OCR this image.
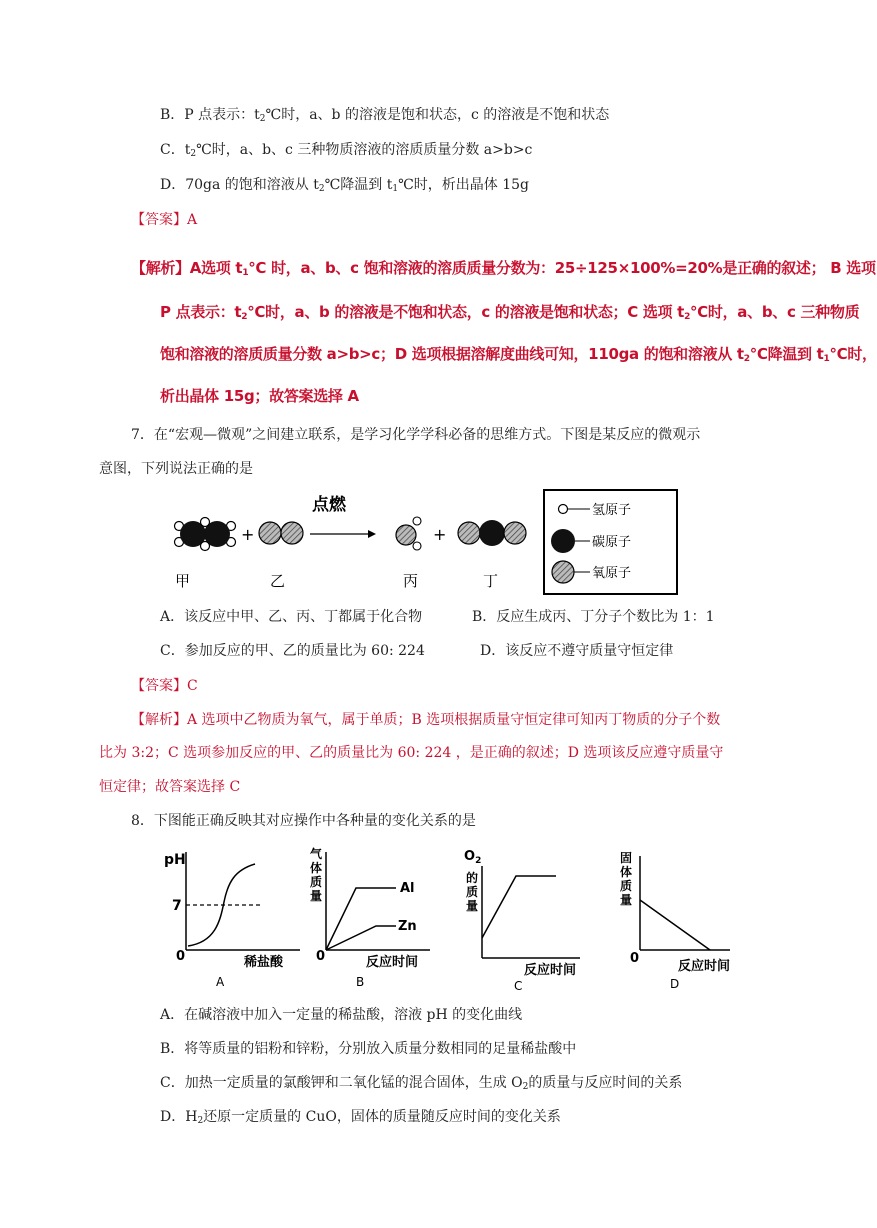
B．P 点表示：$t_2℃$时，a、b 的溶液是饱和状态，c 的溶液是不饱和状态
C．$t_2℃$时，a、b、c 三种物质溶液的溶质质量分数 a>b>c
D．70ga 的饱和溶液从 $t_2℃$降温到 $t_1℃$时，析出晶体 15g
【答案】A
【解析】A选项 $t_1℃$ 时，a、b、c 饱和溶液的溶质质量分数为：25÷125×100%=20%是正确的叙述； B 选项
P 点表示：$t_2℃$时，a、b 的溶液是不饱和状态，c 的溶液是饱和状态；C 选项 $t_2℃$时，a、b、c 三种物质
饱和溶液的溶质质量分数 a>b>c；D 选项根据溶解度曲线可知，110ga 的饱和溶液从 $t_2℃$降温到 $t_1℃$时，
析出晶体 15g；故答案选择 A
7．在“宏观—微观”之间建立联系，是学习化学学科必备的思维方式。下图是某反应的微观示
意图，下列说法正确的是
+
点燃
+
甲	乙	丙	丁
氢原子
碳原子
氧原子
A．该反应中甲、乙、丙、丁都属于化合物	B．反应生成丙、丁分子个数比为 1：1
C．参加反应的甲、乙的质量比为 60: 224	D．该反应不遵守质量守恒定律
【答案】C
【解析】A 选项中乙物质为氧气，属于单质；B 选项根据质量守恒定律可知丙丁物质的分子个数
比为 3:2；C 选项参加反应的甲、乙的质量比为 60: 224 ，是正确的叙述；D 选项该反应遵守质量守
恒定律；故答案选择 C
8．下图能正确反映其对应操作中各种量的变化关系的是
pH
7
0	稀盐酸
A
气
体
质
量	Al
Zn
0	反应时间
B
$O_2$
的
质
量
反应时间
C
固
体
质
量
0
反应时间
D
A．在碱溶液中加入一定量的稀盐酸，溶液 pH 的变化曲线
B．将等质量的铝粉和锌粉，分别放入质量分数相同的足量稀盐酸中
C．加热一定质量的氯酸钾和二氧化锰的混合固体，生成 $O_2$的质量与反应时间的关系
D．$H_2$还原一定质量的 CuO，固体的质量随反应时间的变化关系
